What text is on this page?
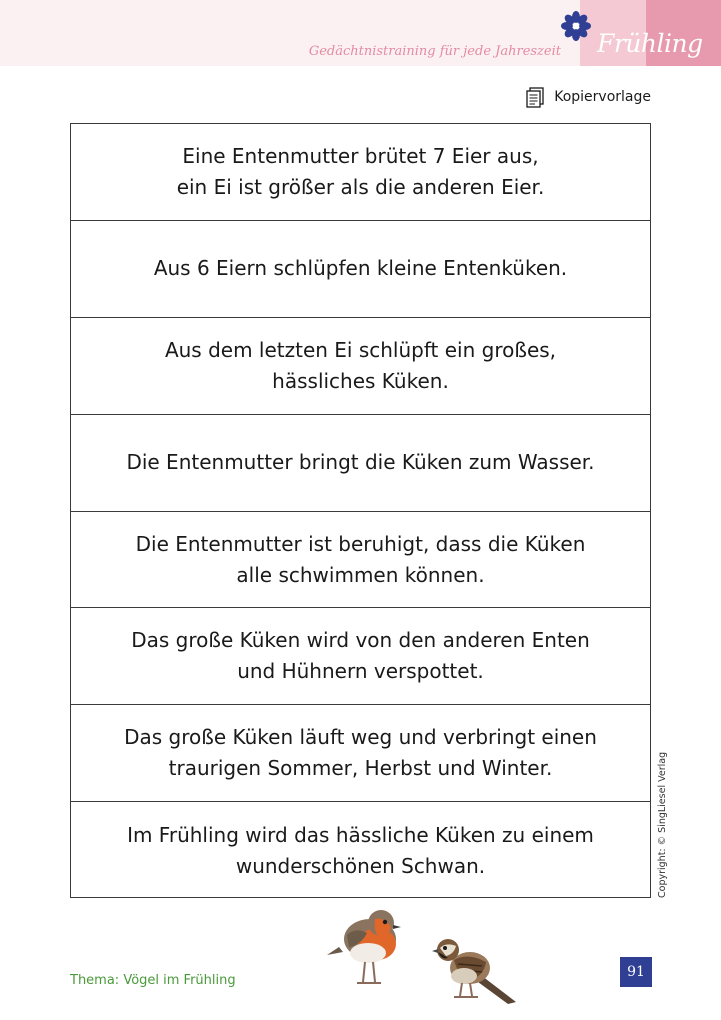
Gedächtnistraining für jede Jahreszeit Frühling
Kopiervorlage
Eine Entenmutter brütet 7 Eier aus,
ein Ei ist größer als die anderen Eier.
Aus 6 Eiern schlüpfen kleine Entenküken.
Aus dem letzten Ei schlüpft ein großes,
hässliches Küken.
Die Entenmutter bringt die Küken zum Wasser.
Die Entenmutter ist beruhigt, dass die Küken
alle schwimmen können.
Das große Küken wird von den anderen Enten
und Hühnern verspottet.
Das große Küken läuft weg und verbringt einen
traurigen Sommer, Herbst und Winter.
Im Frühling wird das hässliche Küken zu einem
wunderschönen Schwan.	Copyright: © SingLiesel Verlag
Thema: Vögel im Frühling
91
